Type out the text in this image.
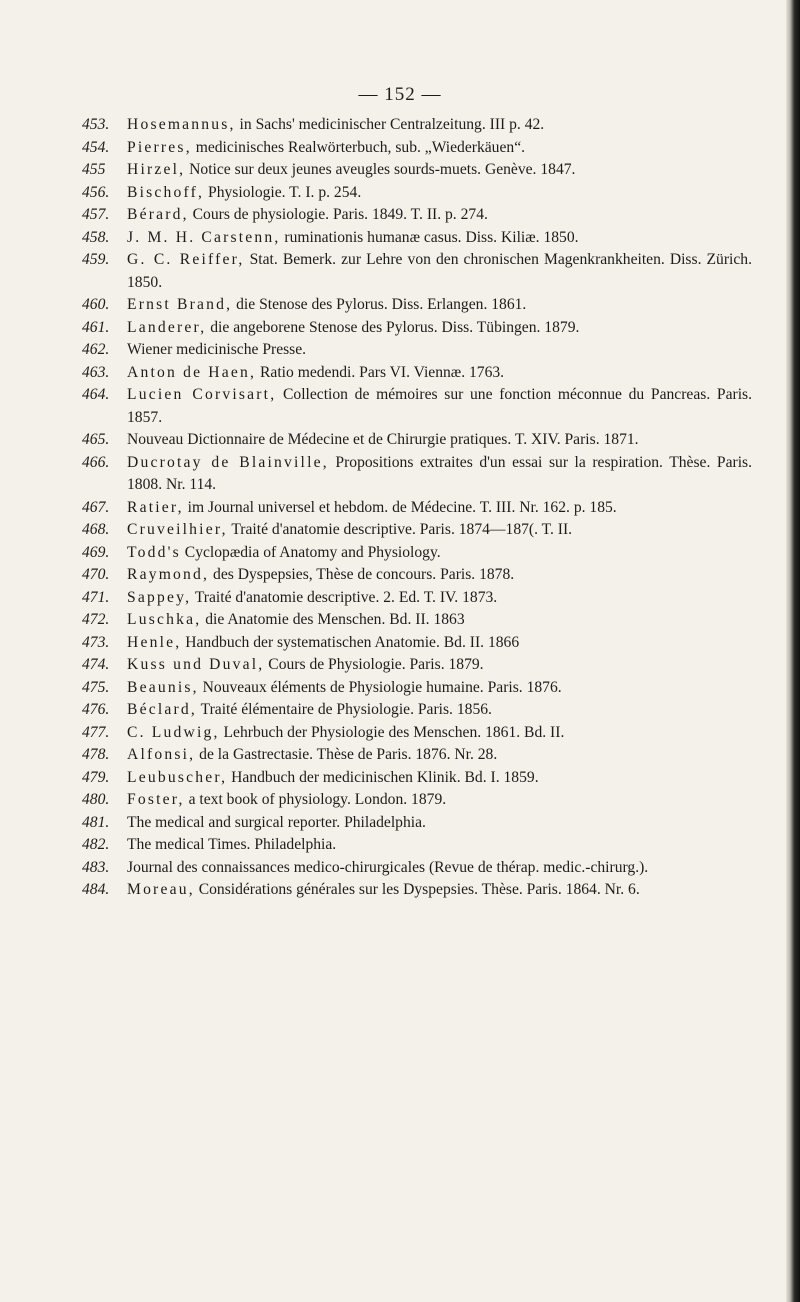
— 152 —
453. Hosemannus, in Sachs' medicinischer Centralzeitung. III p. 42.
454. Pierres, medicinisches Realwörterbuch, sub. „Wiederkäuen“.
455 Hirzel, Notice sur deux jeunes aveugles sourds-muets. Genève. 1847.
456. Bischoff, Physiologie. T. I. p. 254.
457. Bérard, Cours de physiologie. Paris. 1849. T. II. p. 274.
458. J. M. H. Carstenn, ruminationis humanæ casus. Diss. Kiliæ. 1850.
459. G. C. Reiffer, Stat. Bemerk. zur Lehre von den chronischen Magenkrankheiten. Diss. Zürich. 1850.
460. Ernst Brand, die Stenose des Pylorus. Diss. Erlangen. 1861.
461. Landerer, die angeborene Stenose des Pylorus. Diss. Tübingen. 1879.
462. Wiener medicinische Presse.
463. Anton de Haen, Ratio medendi. Pars VI. Viennæ. 1763.
464. Lucien Corvisart, Collection de mémoires sur une fonction méconnue du Pancreas. Paris. 1857.
465. Nouveau Dictionnaire de Médecine et de Chirurgie pratiques. T. XIV. Paris. 1871.
466. Ducrotay de Blainville, Propositions extraites d'un essai sur la respiration. Thèse. Paris. 1808. Nr. 114.
467. Ratier, im Journal universel et hebdom. de Médecine. T. III. Nr. 162. p. 185.
468. Cruveilhier, Traité d'anatomie descriptive. Paris. 1874—187(. T. II.
469. Todd's Cyclopædia of Anatomy and Physiology.
470. Raymond, des Dyspepsies, Thèse de concours. Paris. 1878.
471. Sappey, Traité d'anatomie descriptive. 2. Ed. T. IV. 1873.
472. Luschka, die Anatomie des Menschen. Bd. II. 1863
473. Henle, Handbuch der systematischen Anatomie. Bd. II. 1866
474. Kuss und Duval, Cours de Physiologie. Paris. 1879.
475. Beaunis, Nouveaux éléments de Physiologie humaine. Paris. 1876.
476. Béclard, Traité élémentaire de Physiologie. Paris. 1856.
477. C. Ludwig, Lehrbuch der Physiologie des Menschen. 1861. Bd. II.
478. Alfonsi, de la Gastrectasie. Thèse de Paris. 1876. Nr. 28.
479. Leubuscher, Handbuch der medicinischen Klinik. Bd. I. 1859.
480. Foster, a text book of physiology. London. 1879.
481. The medical and surgical reporter. Philadelphia.
482. The medical Times. Philadelphia.
483. Journal des connaissances medico-chirurgicales (Revue de thérap. medic.-chirurg.).
484. Moreau, Considérations générales sur les Dyspepsies. Thèse. Paris. 1864. Nr. 6.
